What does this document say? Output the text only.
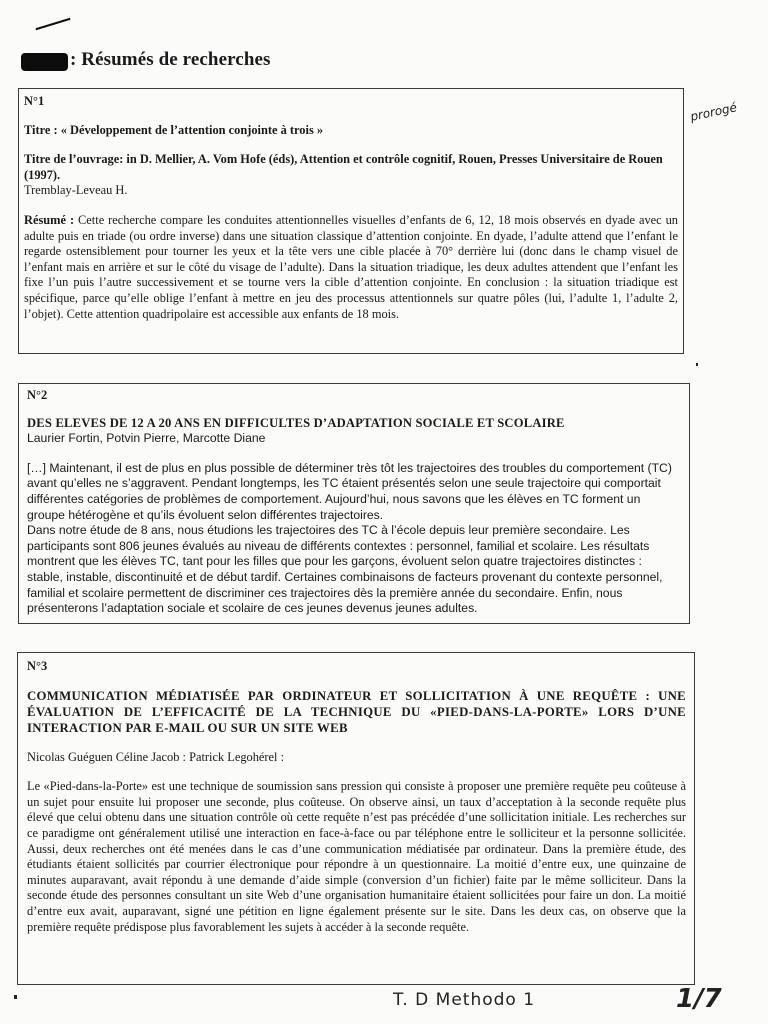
: Résumés de recherches
prorogé

N°1

Titre : « Développement de l’attention conjointe à trois »

Titre de l’ouvrage: in D. Mellier, A. Vom Hofe (éds), Attention et contrôle cognitif, Rouen, Presses Universitaire de Rouen (1997).

Tremblay-Leveau H.

Résumé : Cette recherche compare les conduites attentionnelles visuelles d’enfants de 6, 12, 18 mois observés en dyade avec un adulte puis en triade (ou ordre inverse) dans une situation classique d’attention conjointe. En dyade, l’adulte attend que l’enfant le regarde ostensiblement pour tourner les yeux et la tête vers une cible placée à 70° derrière lui (donc dans le champ visuel de l’enfant mais en arrière et sur le côté du visage de l’adulte). Dans la situation triadique, les deux adultes attendent que l’enfant les fixe l’un puis l’autre successivement et se tourne vers la cible d’attention conjointe. En conclusion : la situation triadique est spécifique, parce qu’elle oblige l’enfant à mettre en jeu des processus attentionnels sur quatre pôles (lui, l’adulte 1, l’adulte 2, l’objet). Cette attention quadripolaire est accessible aux enfants de 18 mois.

N°2

DES ELEVES DE 12 A 20 ANS EN DIFFICULTES D’ADAPTATION SOCIALE ET SCOLAIRE

Laurier Fortin, Potvin Pierre, Marcotte Diane

[…] Maintenant, il est de plus en plus possible de déterminer très tôt les trajectoires des troubles du comportement (TC) avant qu’elles ne s’aggravent. Pendant longtemps, les TC étaient présentés selon une seule trajectoire qui comportait différentes catégories de problèmes de comportement. Aujourd’hui, nous savons que les élèves en TC forment un groupe hétérogène et qu’ils évoluent selon différentes trajectoires.

Dans notre étude de 8 ans, nous étudions les trajectoires des TC à l’école depuis leur première secondaire. Les participants sont 806 jeunes évalués au niveau de différents contextes : personnel, familial et scolaire. Les résultats montrent que les élèves TC, tant pour les filles que pour les garçons, évoluent selon quatre trajectoires distinctes : stable, instable, discontinuité et de début tardif. Certaines combinaisons de facteurs provenant du contexte personnel, familial et scolaire permettent de discriminer ces trajectoires dès la première année du secondaire. Enfin, nous présenterons l’adaptation sociale et scolaire de ces jeunes devenus jeunes adultes.

N°3

COMMUNICATION MÉDIATISÉE PAR ORDINATEUR ET SOLLICITATION À UNE REQUÊTE : UNE ÉVALUATION DE L’EFFICACITÉ DE LA TECHNIQUE DU «PIED-DANS-LA-PORTE» LORS D’UNE INTERACTION PAR E-MAIL OU SUR UN SITE WEB

Nicolas Guéguen Céline Jacob : Patrick Legohérel :

Le «Pied-dans-la-Porte» est une technique de soumission sans pression qui consiste à proposer une première requête peu coûteuse à un sujet pour ensuite lui proposer une seconde, plus coûteuse. On observe ainsi, un taux d’acceptation à la seconde requête plus élevé que celui obtenu dans une situation contrôle où cette requête n’est pas précédée d’une sollicitation initiale. Les recherches sur ce paradigme ont généralement utilisé une interaction en face-à-face ou par téléphone entre le solliciteur et la personne sollicitée. Aussi, deux recherches ont été menées dans le cas d’une communication médiatisée par ordinateur. Dans la première étude, des étudiants étaient sollicités par courrier électronique pour répondre à un questionnaire. La moitié d’entre eux, une quinzaine de minutes auparavant, avait répondu à une demande d’aide simple (conversion d’un fichier) faite par le même solliciteur. Dans la seconde étude des personnes consultant un site Web d’une organisation humanitaire étaient sollicitées pour faire un don. La moitié d’entre eux avait, auparavant, signé une pétition en ligne également présente sur le site. Dans les deux cas, on observe que la première requête prédispose plus favorablement les sujets à accéder à la seconde requête.

T. D Methodo 1	1/7
